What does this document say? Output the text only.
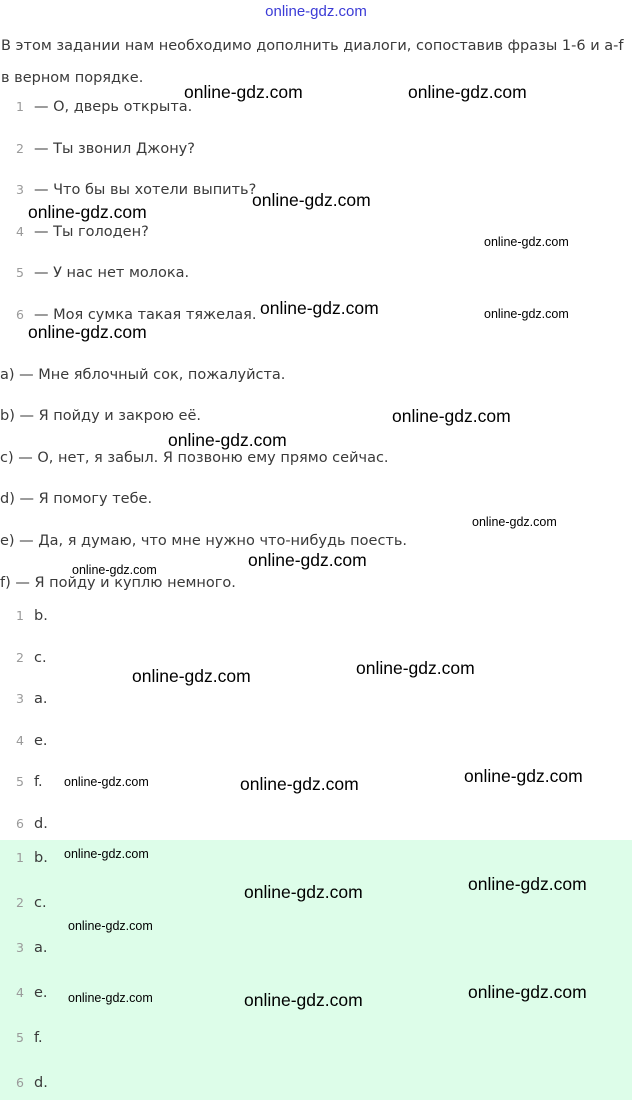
online-gdz.com

В этом задании нам необходимо дополнить диалоги, сопоставив фразы 1-6 и a-f в верном порядке.

1 — О, дверь открыта.
2 — Ты звонил Джону?
3 — Что бы вы хотели выпить?
4 — Ты голоден?
5 — У нас нет молока.
6 — Моя сумка такая тяжелая.
a) — Мне яблочный сок, пожалуйста.
b) — Я пойду и закрою её.
c) — О, нет, я забыл. Я позвоню ему прямо сейчас.
d) — Я помогу тебе.
e) — Да, я думаю, что мне нужно что-нибудь поесть.
f) — Я пойду и куплю немного.
1 b.
2 c.
3 a.
4 e.
5 f.
6 d.
1 b.
2 c.
3 a.
4 e.
5 f.
6 d.
online-gdz.com	online-gdz.com
online-gdz.com
online-gdz.com
online-gdz.com
online-gdz.com	online-gdz.com
online-gdz.com
online-gdz.com
online-gdz.com
online-gdz.com
online-gdz.com
online-gdz.com
online-gdz.com
online-gdz.com
online-gdz.com
online-gdz.com	online-gdz.com
online-gdz.com
online-gdz.com
online-gdz.com
online-gdz.com
online-gdz.com
online-gdz.com	online-gdz.com
